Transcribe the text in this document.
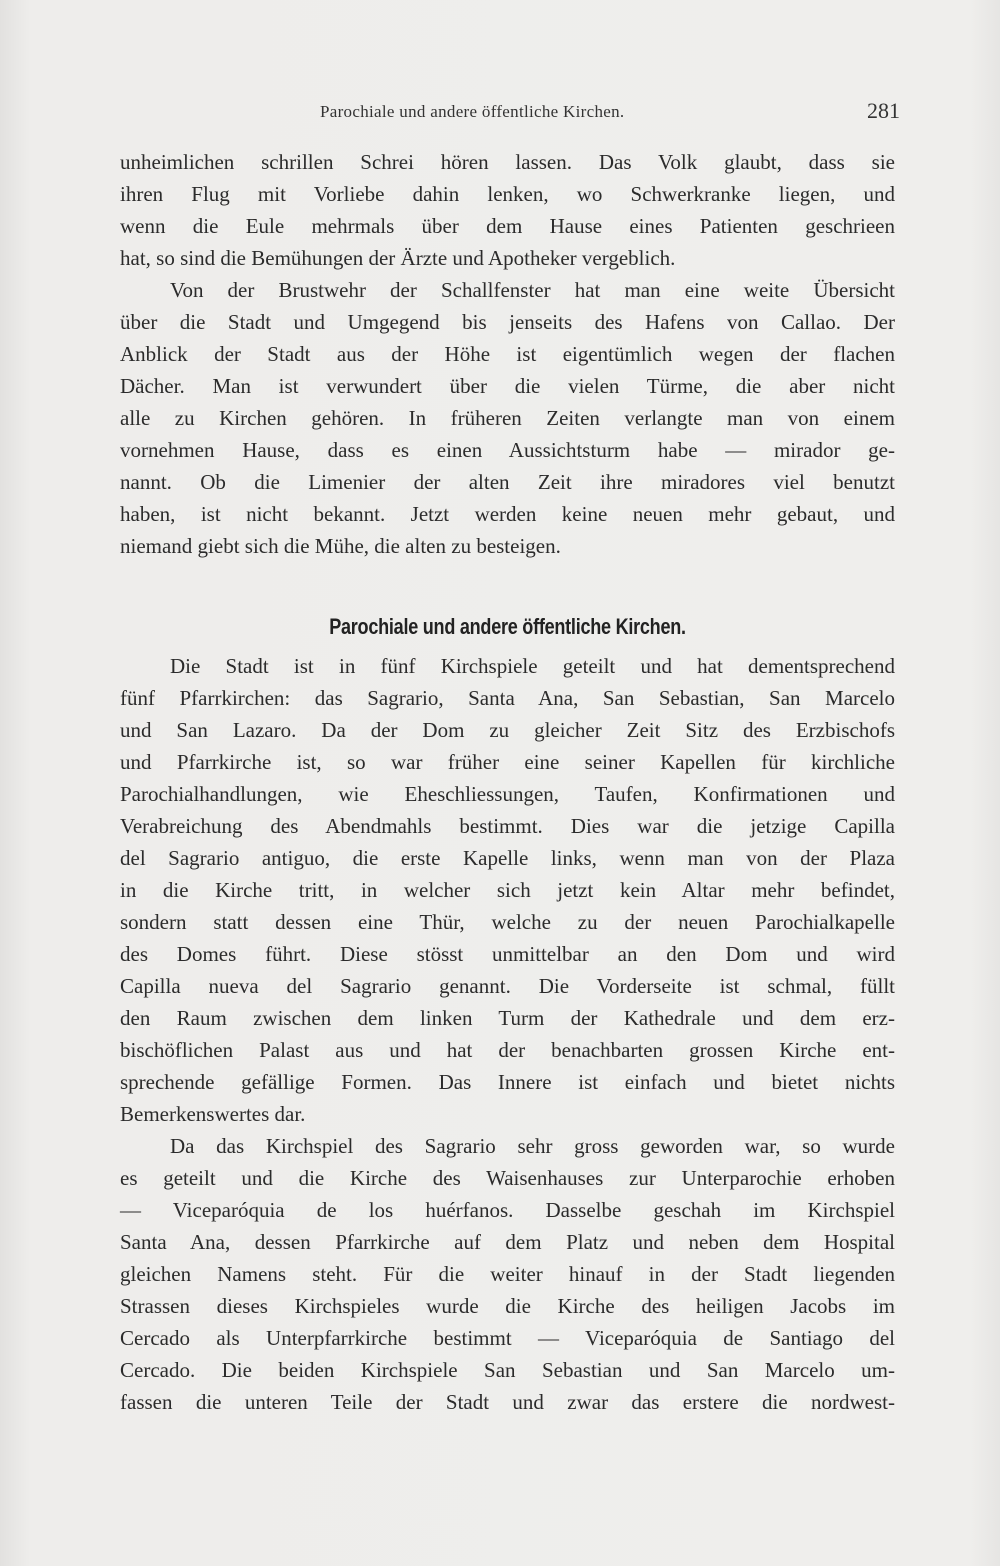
Parochiale und andere öffentliche Kirchen.	281
unheimlichen schrillen Schrei hören lassen. Das Volk glaubt, dass sie
ihren Flug mit Vorliebe dahin lenken, wo Schwerkranke liegen, und
wenn die Eule mehrmals über dem Hause eines Patienten geschrieen
hat, so sind die Bemühungen der Ärzte und Apotheker vergeblich.
Von der Brustwehr der Schallfenster hat man eine weite Übersicht
über die Stadt und Umgegend bis jenseits des Hafens von Callao. Der
Anblick der Stadt aus der Höhe ist eigentümlich wegen der flachen
Dächer. Man ist verwundert über die vielen Türme, die aber nicht
alle zu Kirchen gehören. In früheren Zeiten verlangte man von einem
vornehmen Hause, dass es einen Aussichtsturm habe — mirador ge-
nannt. Ob die Limenier der alten Zeit ihre miradores viel benutzt
haben, ist nicht bekannt. Jetzt werden keine neuen mehr gebaut, und
niemand giebt sich die Mühe, die alten zu besteigen.
Parochiale und andere öffentliche Kirchen.
Die Stadt ist in fünf Kirchspiele geteilt und hat dementsprechend
fünf Pfarrkirchen: das Sagrario, Santa Ana, San Sebastian, San Marcelo
und San Lazaro. Da der Dom zu gleicher Zeit Sitz des Erzbischofs
und Pfarrkirche ist, so war früher eine seiner Kapellen für kirchliche
Parochialhandlungen, wie Eheschliessungen, Taufen, Konfirmationen und
Verabreichung des Abendmahls bestimmt. Dies war die jetzige Capilla
del Sagrario antiguo, die erste Kapelle links, wenn man von der Plaza
in die Kirche tritt, in welcher sich jetzt kein Altar mehr befindet,
sondern statt dessen eine Thür, welche zu der neuen Parochialkapelle
des Domes führt. Diese stösst unmittelbar an den Dom und wird
Capilla nueva del Sagrario genannt. Die Vorderseite ist schmal, füllt
den Raum zwischen dem linken Turm der Kathedrale und dem erz-
bischöflichen Palast aus und hat der benachbarten grossen Kirche ent-
sprechende gefällige Formen. Das Innere ist einfach und bietet nichts
Bemerkenswertes dar.
Da das Kirchspiel des Sagrario sehr gross geworden war, so wurde
es geteilt und die Kirche des Waisenhauses zur Unterparochie erhoben
— Viceparóquia de los huérfanos. Dasselbe geschah im Kirchspiel
Santa Ana, dessen Pfarrkirche auf dem Platz und neben dem Hospital
gleichen Namens steht. Für die weiter hinauf in der Stadt liegenden
Strassen dieses Kirchspieles wurde die Kirche des heiligen Jacobs im
Cercado als Unterpfarrkirche bestimmt — Viceparóquia de Santiago del
Cercado. Die beiden Kirchspiele San Sebastian und San Marcelo um-
fassen die unteren Teile der Stadt und zwar das erstere die nordwest-
